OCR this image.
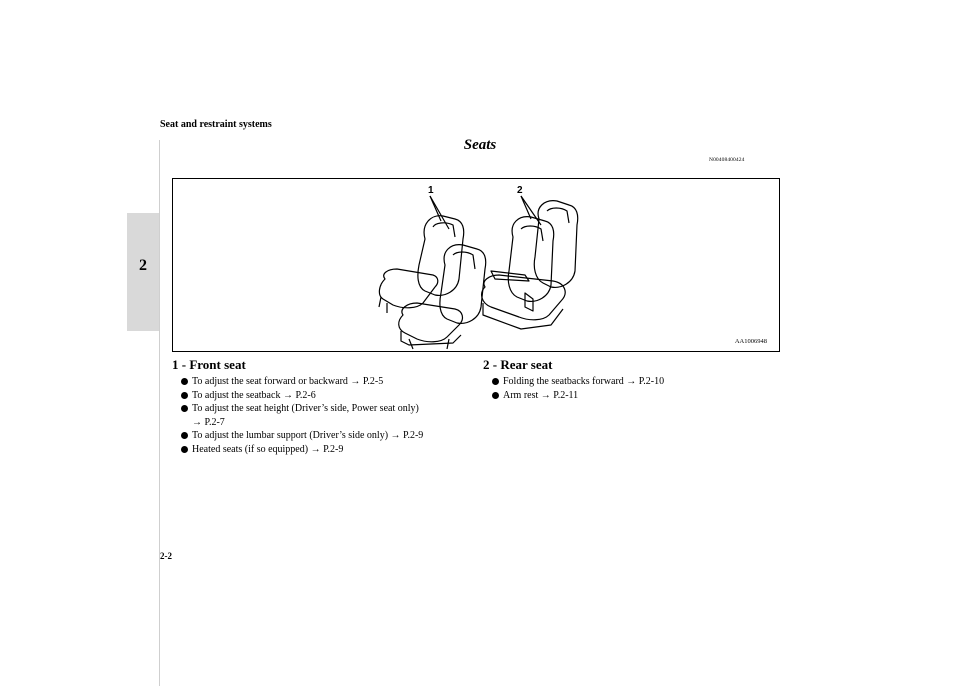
Seat and restraint systems
2
Seats
N00408400424
1	2
AA1006948
1 - Front seat
To adjust the seat forward or backward → P.2-5
To adjust the seatback → P.2-6
To adjust the seat height (Driver’s side, Power seat only)
→ P.2-7
To adjust the lumbar support (Driver’s side only) → P.2-9
Heated seats (if so equipped) → P.2-9
2 - Rear seat
Folding the seatbacks forward → P.2-10
Arm rest → P.2-11
2-2
